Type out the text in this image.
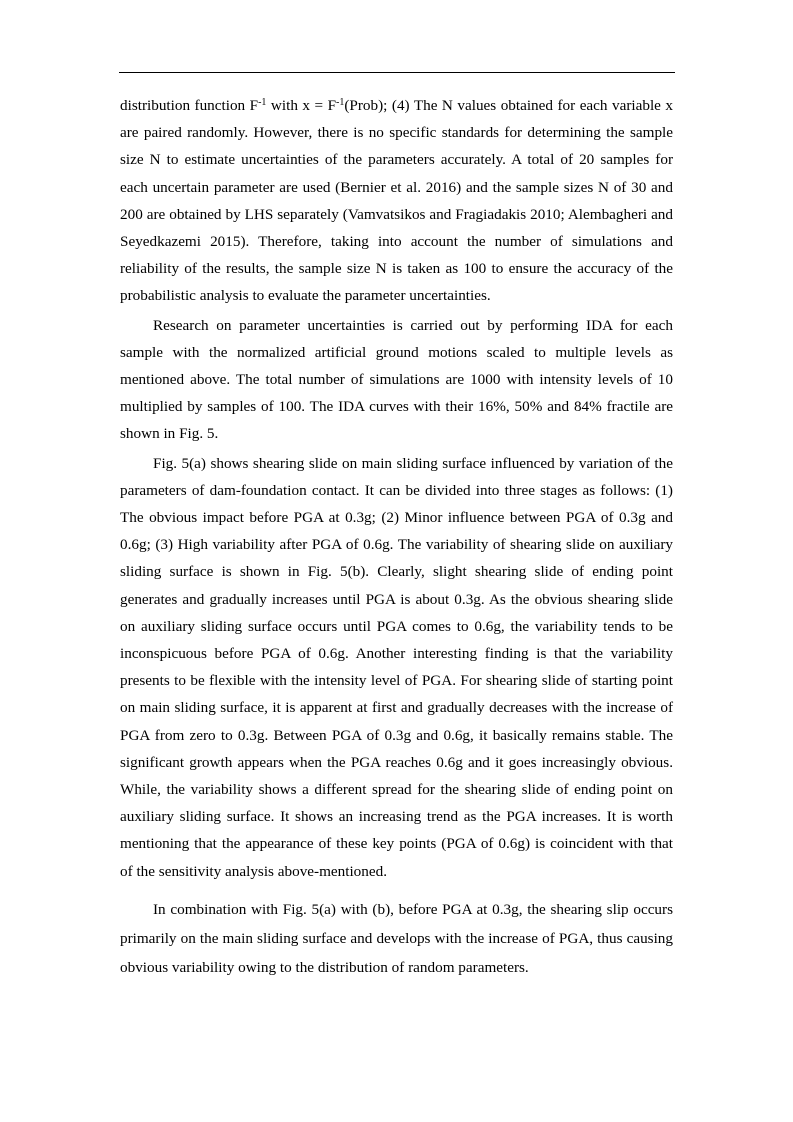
distribution function $F^{-1}$ with $x = F^{-1}(Prob)$; (4) The N values obtained for each variable x are paired randomly. However, there is no specific standards for determining the sample size N to estimate uncertainties of the parameters accurately. A total of 20 samples for each uncertain parameter are used (Bernier et al. 2016) and the sample sizes N of 30 and 200 are obtained by LHS separately (Vamvatsikos and Fragiadakis 2010; Alembagheri and Seyedkazemi 2015). Therefore, taking into account the number of simulations and reliability of the results, the sample size N is taken as 100 to ensure the accuracy of the probabilistic analysis to evaluate the parameter uncertainties.

Research on parameter uncertainties is carried out by performing IDA for each sample with the normalized artificial ground motions scaled to multiple levels as mentioned above. The total number of simulations are 1000 with intensity levels of 10 multiplied by samples of 100. The IDA curves with their 16%, 50% and 84% fractile are shown in Fig. 5.

Fig. 5(a) shows shearing slide on main sliding surface influenced by variation of the parameters of dam-foundation contact. It can be divided into three stages as follows: (1) The obvious impact before PGA at 0.3g; (2) Minor influence between PGA of 0.3g and 0.6g; (3) High variability after PGA of 0.6g. The variability of shearing slide on auxiliary sliding surface is shown in Fig. 5(b). Clearly, slight shearing slide of ending point generates and gradually increases until PGA is about 0.3g. As the obvious shearing slide on auxiliary sliding surface occurs until PGA comes to 0.6g, the variability tends to be inconspicuous before PGA of 0.6g. Another interesting finding is that the variability presents to be flexible with the intensity level of PGA. For shearing slide of starting point on main sliding surface, it is apparent at first and gradually decreases with the increase of PGA from zero to 0.3g. Between PGA of 0.3g and 0.6g, it basically remains stable. The significant growth appears when the PGA reaches 0.6g and it goes increasingly obvious. While, the variability shows a different spread for the shearing slide of ending point on auxiliary sliding surface. It shows an increasing trend as the PGA increases. It is worth mentioning that the appearance of these key points (PGA of 0.6g) is coincident with that of the sensitivity analysis above-mentioned.

In combination with Fig. 5(a) with (b), before PGA at 0.3g, the shearing slip occurs primarily on the main sliding surface and develops with the increase of PGA, thus causing obvious variability owing to the distribution of random parameters.
